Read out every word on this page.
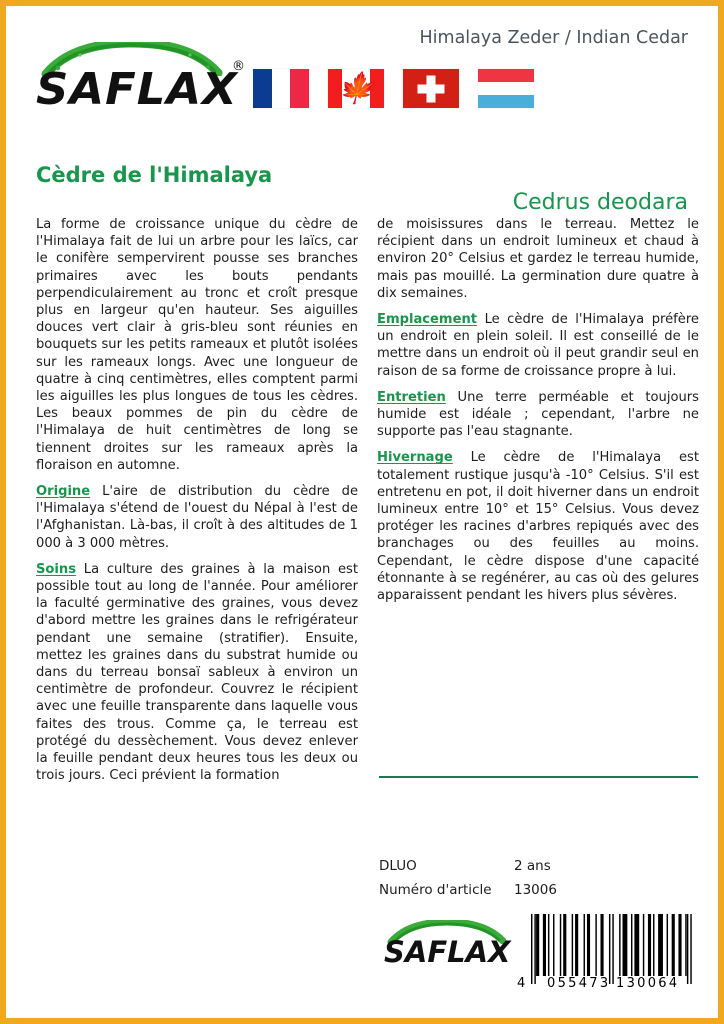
SAFLAX
®
🍁
Himalaya Zeder / Indian Cedar
Cèdre de l'Himalaya
Cedrus deodara
La forme de croissance unique du cèdre de l'Himalaya fait de lui un arbre pour les laïcs, car le conifère sempervirent pousse ses branches primaires avec les bouts pendants perpendiculairement au tronc et croît presque plus en largeur qu'en hauteur. Ses aiguilles douces vert clair à gris-bleu sont réunies en bouquets sur les petits rameaux et plutôt isolées sur les rameaux longs. Avec une longueur de quatre à cinq centimètres, elles comptent parmi les aiguilles les plus longues de tous les cèdres. Les beaux pommes de pin du cèdre de l'Himalaya de huit centimètres de long se tiennent droites sur les rameaux après la floraison en automne.
Origine L'aire de distribution du cèdre de l'Himalaya s'étend de l'ouest du Népal à l'est de l'Afghanistan. Là-bas, il croît à des altitudes de 1 000 à 3 000 mètres.
Soins La culture des graines à la maison est possible tout au long de l'année. Pour améliorer la faculté germinative des graines, vous devez d'abord mettre les graines dans le refrigérateur pendant une semaine (stratifier). Ensuite, mettez les graines dans du substrat humide ou dans du terreau bonsaï sableux à environ un centimètre de profondeur. Couvrez le récipient avec une feuille transparente dans laquelle vous faites des trous. Comme ça, le terreau est protégé du dessèchement. Vous devez enlever la feuille pendant deux heures tous les deux ou trois jours. Ceci prévient la formation
de moisissures dans le terreau. Mettez le récipient dans un endroit lumineux et chaud à environ 20° Celsius et gardez le terreau humide, mais pas mouillé. La germination dure quatre à dix semaines.
Emplacement Le cèdre de l'Himalaya préfère un endroit en plein soleil. Il est conseillé de le mettre dans un endroit où il peut grandir seul en raison de sa forme de croissance propre à lui.
Entretien Une terre perméable et toujours humide est idéale ; cependant, l'arbre ne supporte pas l'eau stagnante.
Hivernage Le cèdre de l'Himalaya est totalement rustique jusqu'à -10° Celsius. S'il est entretenu en pot, il doit hiverner dans un endroit lumineux entre 10° et 15° Celsius. Vous devez protéger les racines d'arbres repiqués avec des branchages ou des feuilles au moins. Cependant, le cèdre dispose d'une capacité étonnante à se regénérer, au cas où des gelures apparaissent pendant les hivers plus sévères.
DLUO	2 ans
Numéro d'article	13006
SAFLAX
4 055473 130064
